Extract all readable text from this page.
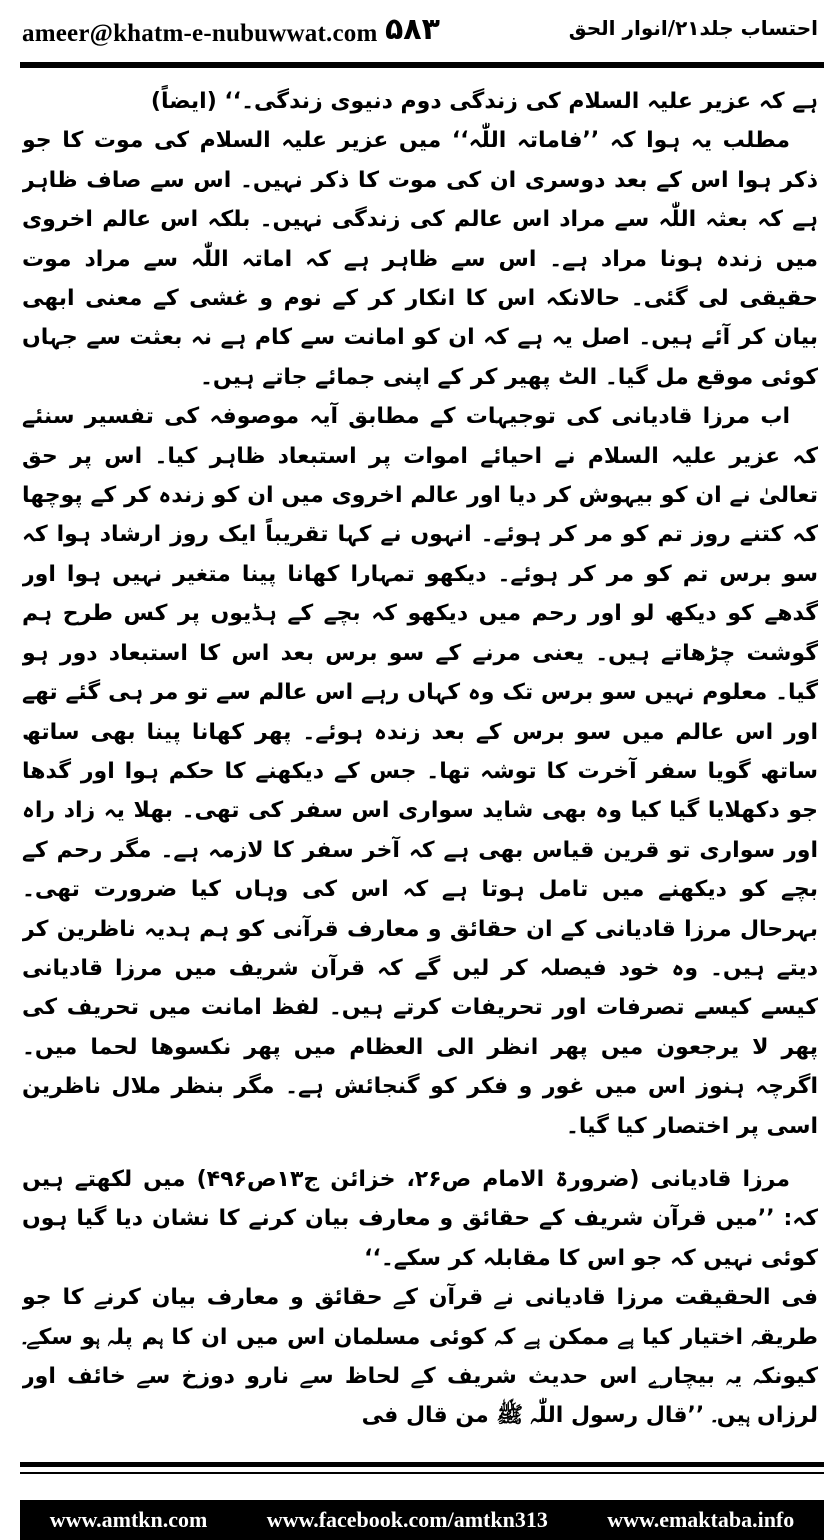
ameer@khatm-e-nubuwwat.com ۵۸۳	احتساب جلد۲۱/انوار الحق

ہے کہ عزیر علیہ السلام کی زندگی دوم دنیوی زندگی۔‘‘ (ایضاً)

مطلب یہ ہوا کہ ’’فاماتہ اللّٰہ‘‘ میں عزیر علیہ السلام کی موت کا جو ذکر ہوا اس کے بعد دوسری ان کی موت کا ذکر نہیں۔ اس سے صاف ظاہر ہے کہ بعثہ اللّٰہ سے مراد اس عالم کی زندگی نہیں۔ بلکہ اس عالم اخروی میں زندہ ہونا مراد ہے۔ اس سے ظاہر ہے کہ اماتہ اللّٰہ سے مراد موت حقیقی لی گئی۔ حالانکہ اس کا انکار کر کے نوم و غشی کے معنی ابھی بیان کر آئے ہیں۔ اصل یہ ہے کہ ان کو امانت سے کام ہے نہ بعثت سے جہاں کوئی موقع مل گیا۔ الٹ پھیر کر کے اپنی جمائے جاتے ہیں۔

اب مرزا قادیانی کی توجیہات کے مطابق آیہ موصوفہ کی تفسیر سنئے کہ عزیر علیہ السلام نے احیائے اموات پر استبعاد ظاہر کیا۔ اس پر حق تعالیٰ نے ان کو بیہوش کر دیا اور عالم اخروی میں ان کو زندہ کر کے پوچھا کہ کتنے روز تم کو مر کر ہوئے۔ انہوں نے کہا تقریباً ایک روز ارشاد ہوا کہ سو برس تم کو مر کر ہوئے۔ دیکھو تمہارا کھانا پینا متغیر نہیں ہوا اور گدھے کو دیکھ لو اور رحم میں دیکھو کہ بچے کے ہڈیوں پر کس طرح ہم گوشت چڑھاتے ہیں۔ یعنی مرنے کے سو برس بعد اس کا استبعاد دور ہو گیا۔ معلوم نہیں سو برس تک وہ کہاں رہے اس عالم سے تو مر ہی گئے تھے اور اس عالم میں سو برس کے بعد زندہ ہوئے۔ پھر کھانا پینا بھی ساتھ ساتھ گویا سفر آخرت کا توشہ تھا۔ جس کے دیکھنے کا حکم ہوا اور گدھا جو دکھلایا گیا کیا وہ بھی شاید سواری اس سفر کی تھی۔ بھلا یہ زاد راہ اور سواری تو قرین قیاس بھی ہے کہ آخر سفر کا لازمہ ہے۔ مگر رحم کے بچے کو دیکھنے میں تامل ہوتا ہے کہ اس کی وہاں کیا ضرورت تھی۔ بہرحال مرزا قادیانی کے ان حقائق و معارف قرآنی کو ہم ہدیہ ناظرین کر دیتے ہیں۔ وہ خود فیصلہ کر لیں گے کہ قرآن شریف میں مرزا قادیانی کیسے کیسے تصرفات اور تحریفات کرتے ہیں۔ لفظ امانت میں تحریف کی پھر لا یرجعون میں پھر انظر الی العظام میں پھر نکسوھا لحما میں۔ اگرچہ ہنوز اس میں غور و فکر کو گنجائش ہے۔ مگر بنظر ملال ناظرین اسی پر اختصار کیا گیا۔

مرزا قادیانی (ضرورۃ الامام ص۲۶، خزائن ج۱۳ص۴۹۶) میں لکھتے ہیں کہ: ’’میں قرآن شریف کے حقائق و معارف بیان کرنے کا نشان دیا گیا ہوں کوئی نہیں کہ جو اس کا مقابلہ کر سکے۔‘‘

فی الحقیقت مرزا قادیانی نے قرآن کے حقائق و معارف بیان کرنے کا جو طریقہ اختیار کیا ہے ممکن ہے کہ کوئی مسلمان اس میں ان کا ہم پلہ ہو سکے۔ کیونکہ یہ بیچارے اس حدیث شریف کے لحاظ سے نارو دوزخ سے خائف اور لرزاں ہیں۔ ’’قال رسول اللّٰہ ﷺ من قال فی

www.amtkn.com	www.facebook.com/amtkn313	www.emaktaba.info
